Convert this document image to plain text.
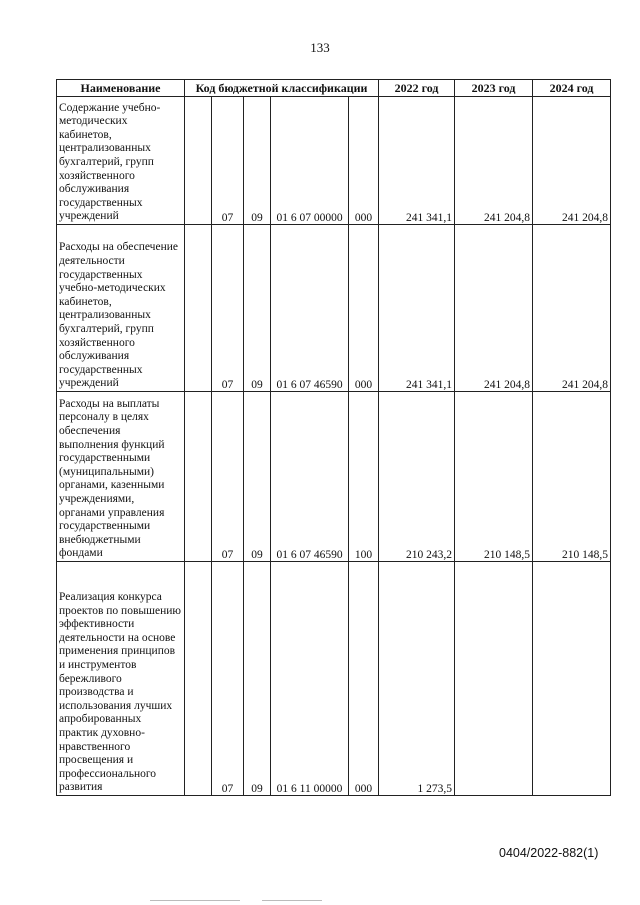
133
Наименование	Код бюджетной классификации					2022 год	2023 год	2024 год
Содержание учебно-методических кабинетов, централизованных бухгалтерий, групп хозяйственного обслуживания государственных учреждений		07	09	01 6 07 00000	000	241 341,1	241 204,8	241 204,8
Расходы на обеспечение деятельности государственных учебно-методических кабинетов, централизованных бухгалтерий, групп хозяйственного обслуживания государственных учреждений		07	09	01 6 07 46590	000	241 341,1	241 204,8	241 204,8
Расходы на выплаты персоналу в целях обеспечения выполнения функций государственными (муниципальными) органами, казенными учреждениями, органами управления государственными внебюджетными фондами		07	09	01 6 07 46590	100	210 243,2	210 148,5	210 148,5
Реализация конкурса проектов по повышению эффективности деятельности на основе применения принципов и инструментов бережливого производства и использования лучших апробированных практик духовно-нравственного просвещения и профессионального развития		07	09	01 6 11 00000	000	1 273,5		
0404/2022-882(1)
